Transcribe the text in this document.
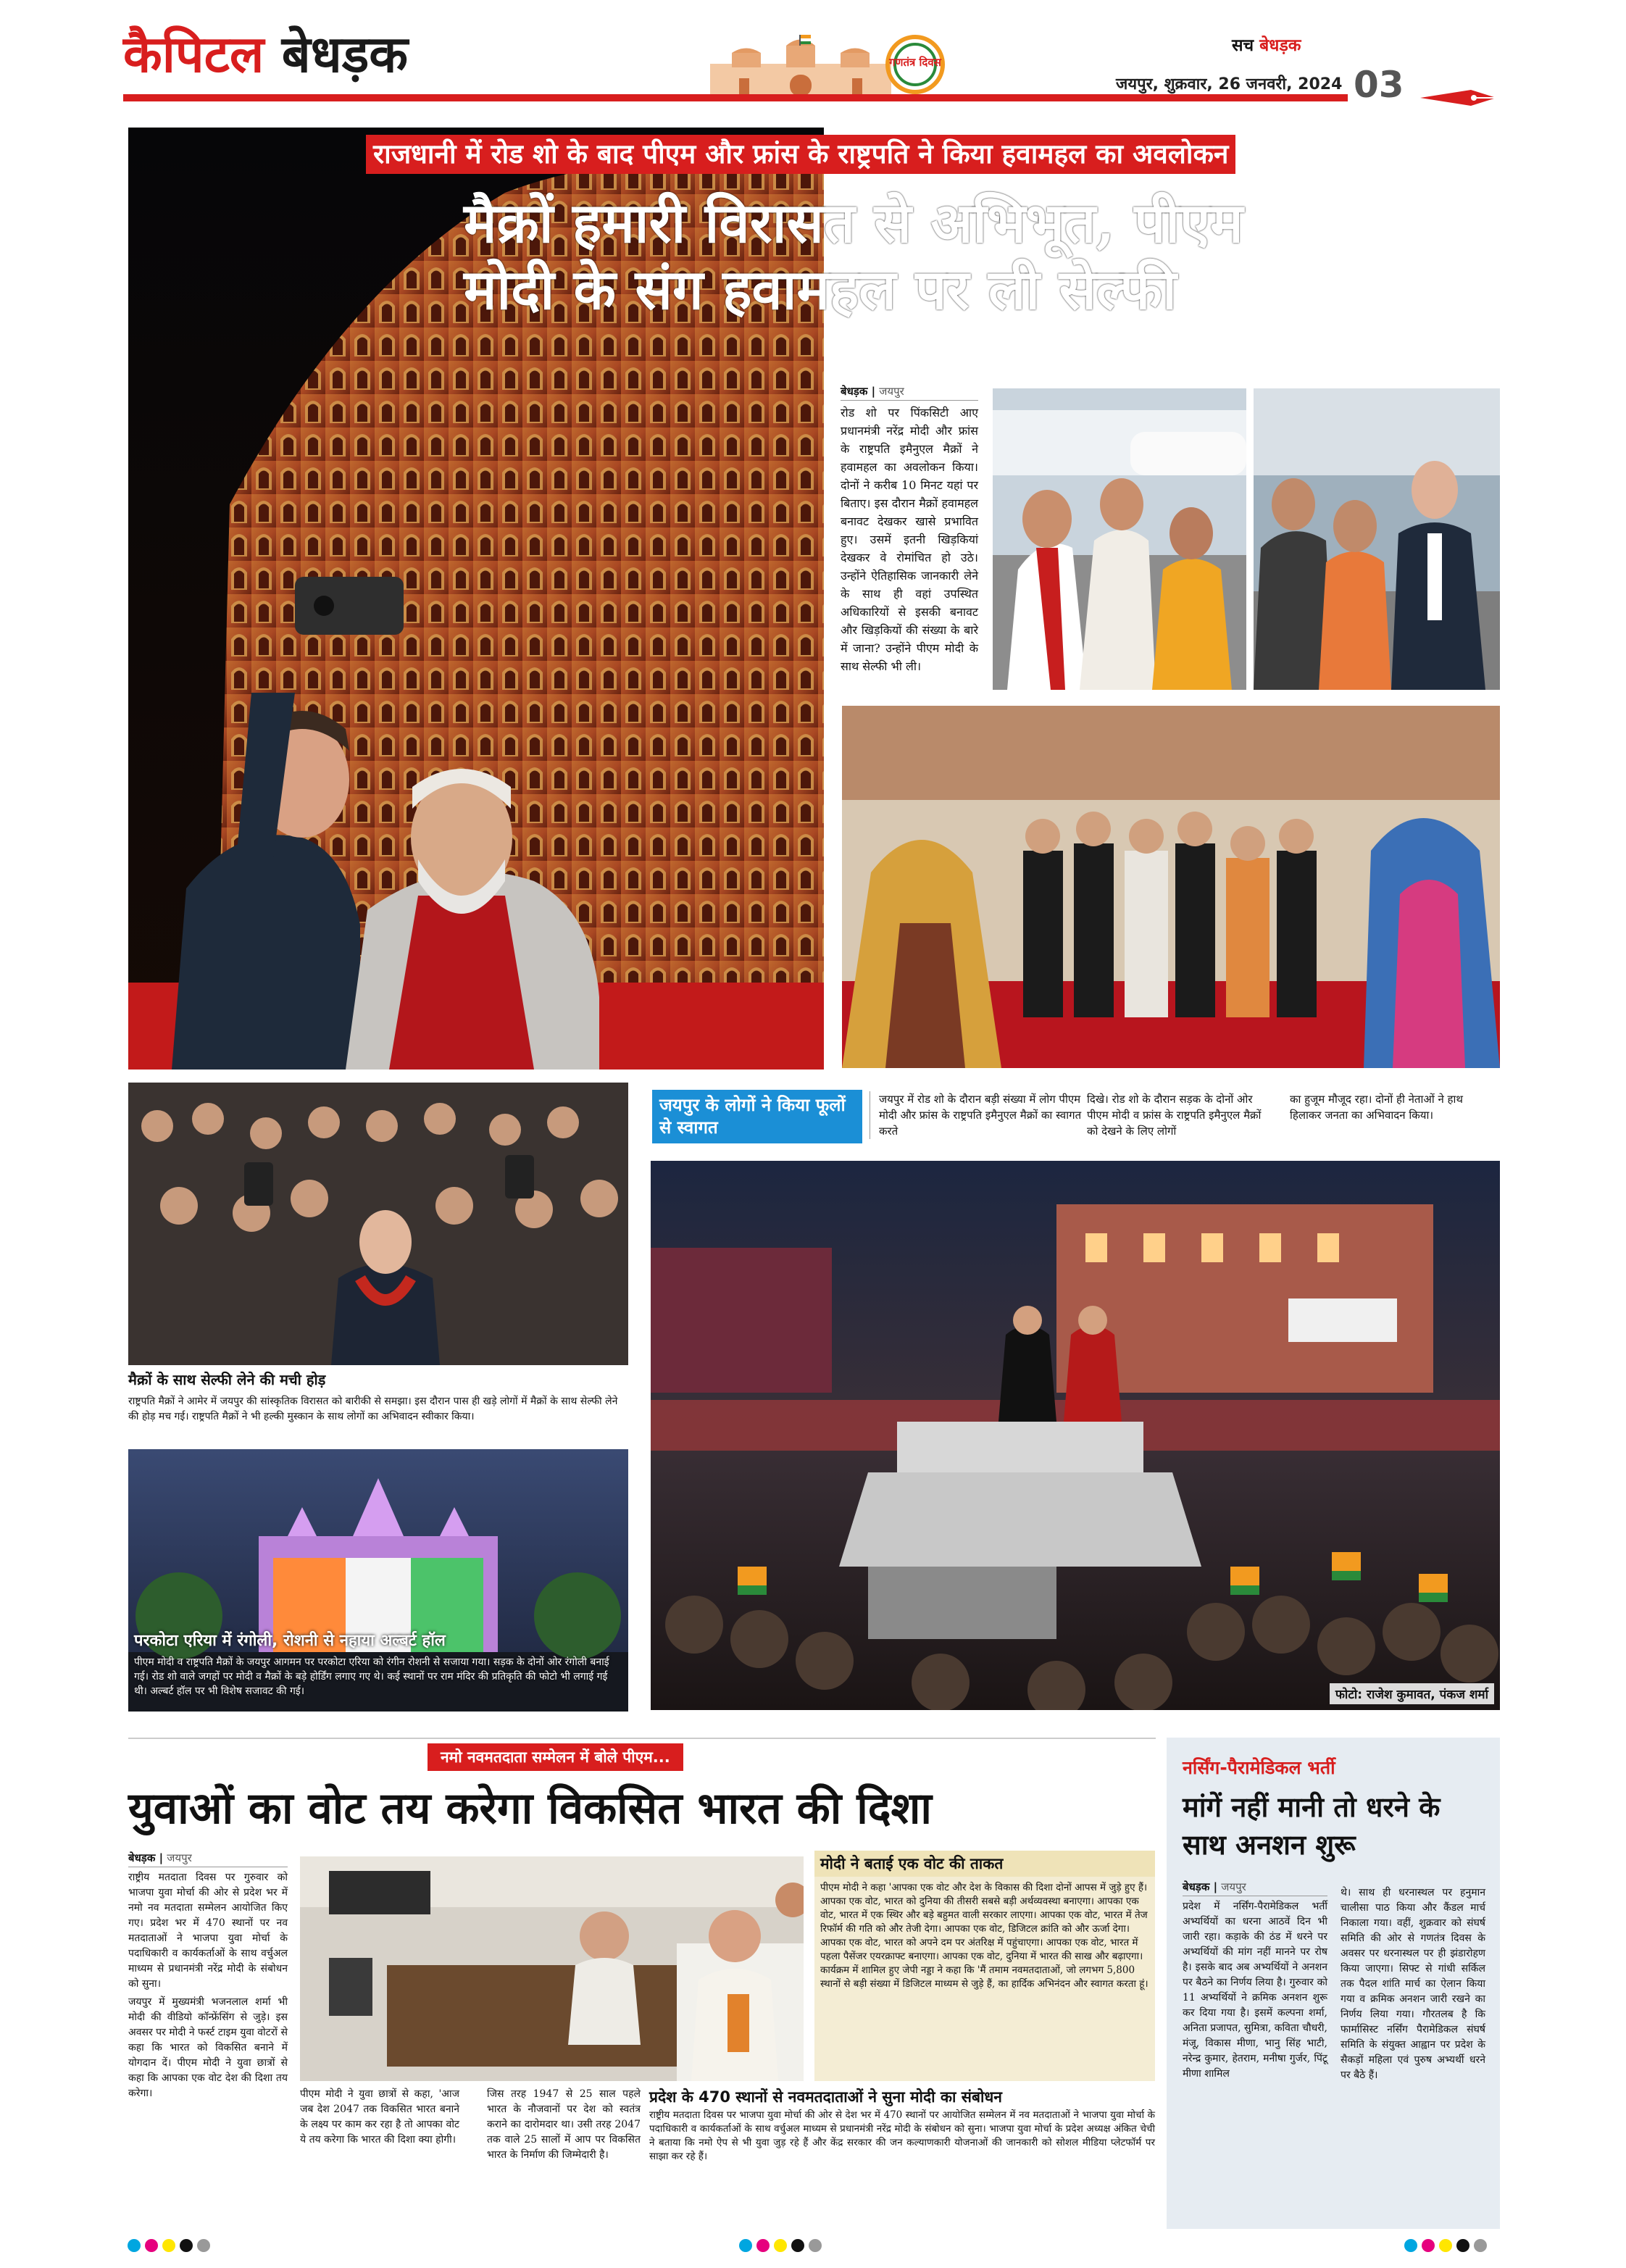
कैपिटल बेधड़क	गणतंत्र दिवस
सच बेधड़क
जयपुर, शुक्रवार, 26 जनवरी, 2024 03
राजधानी में रोड शो के बाद पीएम और फ्रांस के राष्ट्रपति ने किया हवामहल का अवलोकन
मैक्रों हमारी विरासत से अभिभूत, पीएम
मोदी के संग हवामहल पर ली सेल्फी
बेधड़क | जयपुर
रोड शो पर पिंकसिटी आए प्रधानमंत्री नरेंद्र मोदी और फ्रांस के राष्ट्रपति इमैनुएल मैक्रों ने हवामहल का अवलोकन किया। दोनों ने करीब 10 मिनट यहां पर बिताए। इस दौरान मैक्रों हवामहल बनावट देखकर खासे प्रभावित हुए। उसमें इतनी खिड़कियां देखकर वे रोमांचित हो उठे। उन्होंने ऐतिहासिक जानकारी लेने के साथ ही वहां उपस्थित अधिकारियों से इसकी बनावट और खिड़कियों की संख्या के बारे में जाना? उन्होंने पीएम मोदी के साथ सेल्फी भी ली।
मैक्रों के साथ सेल्फी लेने की मची होड़
राष्ट्रपति मैक्रों ने आमेर में जयपुर की सांस्कृतिक विरासत को बारीकी से समझा। इस दौरान पास ही खड़े लोगों में मैक्रों के साथ सेल्फी लेने की होड़ मच गई। राष्ट्रपति मैक्रों ने भी हल्की मुस्कान के साथ लोगों का अभिवादन स्वीकार किया।
परकोटा एरिया में रंगोली, रोशनी से नहाया अल्बर्ट हॉल
पीएम मोदी व राष्ट्रपति मैक्रों के जयपुर आगमन पर परकोटा एरिया को रंगीन रोशनी से सजाया गया। सड़क के दोनों ओर रंगोली बनाई गई। रोड शो वाले जगहों पर मोदी व मैक्रों के बड़े होर्डिंग लगाए गए थे। कई स्थानों पर राम मंदिर की प्रतिकृति की फोटो भी लगाई गई थी। अल्बर्ट हॉल पर भी विशेष सजावट की गई।
जयपुर के लोगों ने किया फूलों से स्वागत
जयपुर में रोड शो के दौरान बड़ी संख्या में लोग पीएम मोदी और फ्रांस के राष्ट्रपति इमैनुएल मैक्रों का स्वागत करते
दिखे। रोड शो के दौरान सड़क के दोनों ओर पीएम मोदी व फ्रांस के राष्ट्रपति इमैनुएल मैक्रों को देखने के लिए लोगों
का हुजूम मौजूद रहा। दोनों ही नेताओं ने हाथ हिलाकर जनता का अभिवादन किया।
फोटो: राजेश कुमावत, पंकज शर्मा
नमो नवमतदाता सम्मेलन में बोले पीएम...
युवाओं का वोट तय करेगा विकसित भारत की दिशा
बेधड़क | जयपुर
राष्ट्रीय मतदाता दिवस पर गुरुवार को भाजपा युवा मोर्चा की ओर से प्रदेश भर में नमो नव मतदाता सम्मेलन आयोजित किए गए। प्रदेश भर में 470 स्थानों पर नव मतदाताओं ने भाजपा युवा मोर्चा के पदाधिकारी व कार्यकर्ताओं के साथ वर्चुअल माध्यम से प्रधानमंत्री नरेंद्र मोदी के संबोधन को सुना।
जयपुर में मुख्यमंत्री भजनलाल शर्मा भी मोदी की वीडियो कॉन्फ्रेंसिंग से जुड़े। इस अवसर पर मोदी ने फर्स्ट टाइम युवा वोटरों से कहा कि भारत को विकसित बनाने में योगदान दें। पीएम मोदी ने युवा छात्रों से कहा कि आपका एक वोट देश की दिशा तय करेगा।	पीएम मोदी ने युवा छात्रों से कहा, 'आज जब देश 2047 तक विकसित भारत बनाने के लक्ष्य पर काम कर रहा है तो आपका वोट ये तय करेगा कि भारत की दिशा क्या होगी।
जिस तरह 1947 से 25 साल पहले भारत के नौजवानों पर देश को स्वतंत्र कराने का दारोमदार था। उसी तरह 2047 तक वाले 25 सालों में आप पर विकसित भारत के निर्माण की जिम्मेदारी है।
मोदी ने बताई एक वोट की ताकत
पीएम मोदी ने कहा 'आपका एक वोट और देश के विकास की दिशा दोनों आपस में जुड़े हुए हैं। आपका एक वोट, भारत को दुनिया की तीसरी सबसे बड़ी अर्थव्यवस्था बनाएगा। आपका एक वोट, भारत में एक स्थिर और बड़े बहुमत वाली सरकार लाएगा। आपका एक वोट, भारत में तेज रिफॉर्म की गति को और तेजी देगा। आपका एक वोट, डिजिटल क्रांति को और ऊर्जा देगा। आपका एक वोट, भारत को अपने दम पर अंतरिक्ष में पहुंचाएगा। आपका एक वोट, भारत में पहला पैसेंजर एयरक्राफ्ट बनाएगा। आपका एक वोट, दुनिया में भारत की साख और बढ़ाएगा। कार्यक्रम में शामिल हुए जेपी नड्डा ने कहा कि 'मैं तमाम नवमतदाताओं, जो लगभग 5,800 स्थानों से बड़ी संख्या में डिजिटल माध्यम से जुड़े हैं, का हार्दिक अभिनंदन और स्वागत करता हूं।
प्रदेश के 470 स्थानों से नवमतदाताओं ने सुना मोदी का संबोधन
राष्ट्रीय मतदाता दिवस पर भाजपा युवा मोर्चा की ओर से देश भर में 470 स्थानों पर आयोजित सम्मेलन में नव मतदाताओं ने भाजपा युवा मोर्चा के पदाधिकारी व कार्यकर्ताओं के साथ वर्चुअल माध्यम से प्रधानमंत्री नरेंद्र मोदी के संबोधन को सुना। भाजपा युवा मोर्चा के प्रदेश अध्यक्ष अंकित चेची ने बताया कि नमो ऐप से भी युवा जुड़ रहे हैं और केंद्र सरकार की जन कल्याणकारी योजनाओं की जानकारी को सोशल मीडिया प्लेटफॉर्म पर साझा कर रहे हैं।
नर्सिंग-पैरामेडिकल भर्ती
मांगें नहीं मानी तो धरने के साथ अनशन शुरू
बेधड़क | जयपुर
प्रदेश में नर्सिंग-पैरामेडिकल भर्ती अभ्यर्थियों का धरना आठवें दिन भी जारी रहा। कड़ाके की ठंड में धरने पर अभ्यर्थियों की मांग नहीं मानने पर रोष है। इसके बाद अब अभ्यर्थियों ने अनशन पर बैठने का निर्णय लिया है। गुरुवार को 11 अभ्यर्थियों ने क्रमिक अनशन शुरू कर दिया गया है। इसमें कल्पना शर्मा, अनिता प्रजापत, सुमित्रा, कविता चौधरी, मंजू, विकास मीणा, भानु सिंह भाटी, नरेन्द्र कुमार, हेतराम, मनीषा गुर्जर, पिंटू मीणा शामिल
थे। साथ ही धरनास्थल पर हनुमान चालीसा पाठ किया और कैंडल मार्च निकाला गया। वहीं, शुक्रवार को संघर्ष समिति की ओर से गणतंत्र दिवस के अवसर पर धरनास्थल पर ही झंडारोहण किया जाएगा। सिफ्ट से गांधी सर्किल तक पैदल शांति मार्च का ऐलान किया गया व क्रमिक अनशन जारी रखने का निर्णय लिया गया। गौरतलब है कि फार्मासिस्ट नर्सिंग पैरामेडिकल संघर्ष समिति के संयुक्त आह्वान पर प्रदेश के सैकड़ों महिला एवं पुरुष अभ्यर्थी धरने पर बैठे हैं।
